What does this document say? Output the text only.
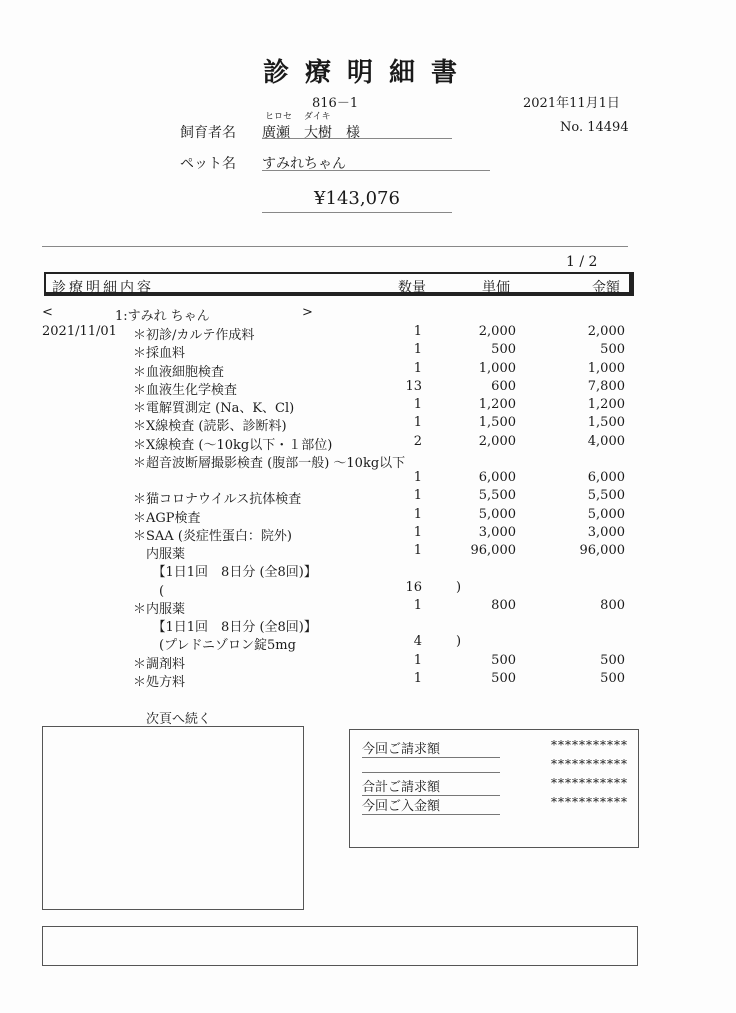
診療明細書
816－1	2021年11月1日
ヒロセ　 ダイキ
飼育者名 廣瀬　大樹　様	No. 14494
ペット名 すみれちゃん
¥143,076
1 / 2
診療明細内容	数量	単価	金額
<	1:すみれ ちゃん	>
2021/11/01 ＊初診/カルテ作成料	1	2,000	2,000
＊採血料	1	500	500
＊血液細胞検査	1	1,000	1,000
＊血液生化学検査	13	600	7,800
＊電解質測定 (Na、K、Cl)	1	1,200	1,200
＊X線検査 (読影、診断料)	1	1,500	1,500
＊X線検査 (～10kg以下・１部位)	2	2,000	4,000
＊超音波断層撮影検査 (腹部一般) ～10kg以下
1	6,000	6,000
＊猫コロナウイルス抗体検査	1	5,500	5,500
＊AGP検査	1	5,000	5,000
＊SAA (炎症性蛋白：院外)	1	3,000	3,000
　内服薬	1	96,000	96,000
　　【1日1回　8日分 (全8回)】
　　(	16	)
＊内服薬	1	800	800
　　【1日1回　8日分 (全8回)】
　　(プレドニゾロン錠5mg	4	)
＊調剤料	1	500	500
＊処方料	1	500	500
次頁へ続く
今回ご請求額	***********
***********
合計ご請求額	***********
今回ご入金額	***********
